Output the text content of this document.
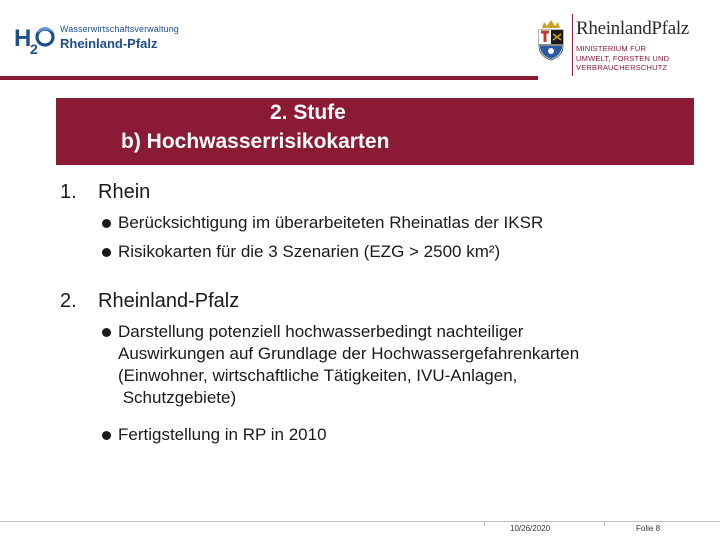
H
2
Wasserwirtschaftsverwaltung
Rheinland-Pfalz
RheinlandPfalz
MINISTERIUM FÜR
UMWELT, FORSTEN UND
VERBRAUCHERSCHUTZ
2. Stufe
b) Hochwasserrisikokarten
1. Rhein
Berücksichtigung im überarbeiteten Rheinatlas der IKSR
Risikokarten für die 3 Szenarien (EZG > 2500 km²)
2. Rheinland-Pfalz
Darstellung potenziell hochwasserbedingt nachteiliger
Auswirkungen auf Grundlage der Hochwassergefahrenkarten
(Einwohner, wirtschaftliche Tätigkeiten, IVU-Anlagen,
Schutzgebiete)
Fertigstellung in RP in 2010
10/26/2020	Folie 8
